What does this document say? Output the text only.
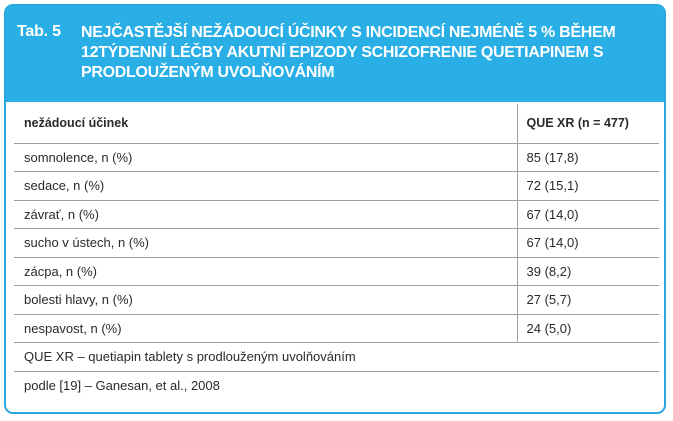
Tab. 5 NEJČASTĚJŠÍ NEŽÁDOUCÍ ÚČINKY S INCIDENCÍ NEJMÉNĚ 5 % BĚHEM 12TÝDENNÍ LÉČBY AKUTNÍ EPIZODY SCHIZOFRENIE QUETIAPINEM S PRODLOUŽENÝM UVOLŇOVÁNÍM

nežádoucí účinek	QUE XR (n = 477)
somnolence, n (%)	85 (17,8)
sedace, n (%)	72 (15,1)
závrať, n (%)	67 (14,0)
sucho v ústech, n (%)	67 (14,0)
zácpa, n (%)	39 (8,2)
bolesti hlavy, n (%)	27 (5,7)
nespavost, n (%)	24 (5,0)
QUE XR – quetiapin tablety s prodlouženým uvolňováním	
podle [19] – Ganesan, et al., 2008	
